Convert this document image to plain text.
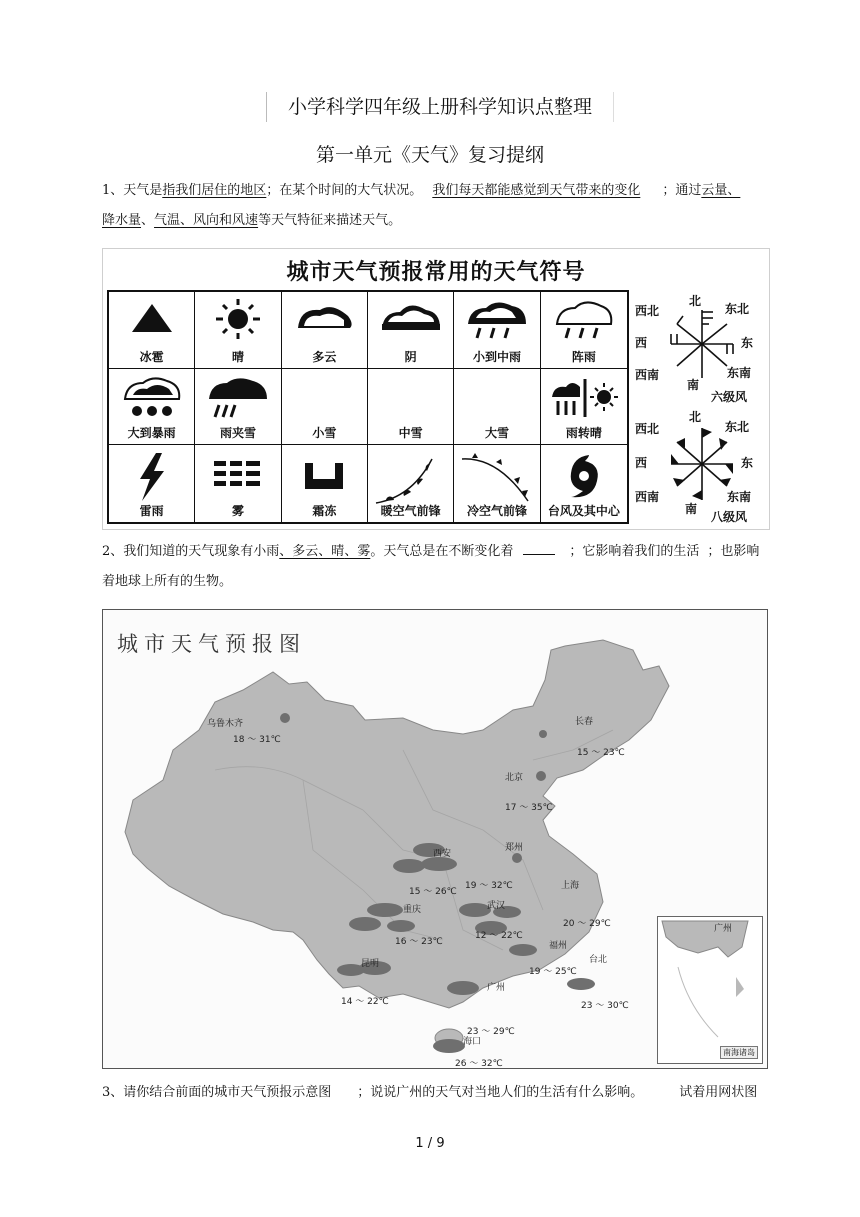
小学科学四年级上册科学知识点整理
第一单元《天气》复习提纲
1、天气是指我们居住的地区；在某个时间的大气状况。 我们每天都能感觉到天气带来的变化 ；通过云量、
降水量、气温、风向和风速等天气特征来描述天气。
城市天气预报常用的天气符号
冰雹	晴	多云	阴	小到中雨	阵雨
大到暴雨	雨夹雪	小雪	中雪	大雪	雨转晴
雷雨	雾	霜冻	暖空气前锋	冷空气前锋	台风及其中心
北
东北
西北
西	东
西南
南
东南
六级风
北
东北
西北
西	东
西南
南
东南
八级风
2、我们知道的天气现象有小雨、多云、晴、雾。天气总是在不断变化着	；它影响着我们的生活 ；也影响
着地球上所有的生物。
城市天气预报图
乌鲁木齐
18 ～ 31℃
长春
15 ～ 23℃
北京
17 ～ 35℃
西安
15 ～ 26℃
郑州
19 ～ 32℃	上海
20 ～ 29℃
重庆
16 ～ 23℃
武汉
12 ～ 22℃
福州
19 ～ 25℃
昆明
14 ～ 22℃
台北
23 ～ 30℃
广州
23 ～ 29℃
海口
26 ～ 32℃
广州
南海诸岛
3、请你结合前面的城市天气预报示意图 ；说说广州的天气对当地人们的生活有什么影响。	试着用网状图
1 / 9
